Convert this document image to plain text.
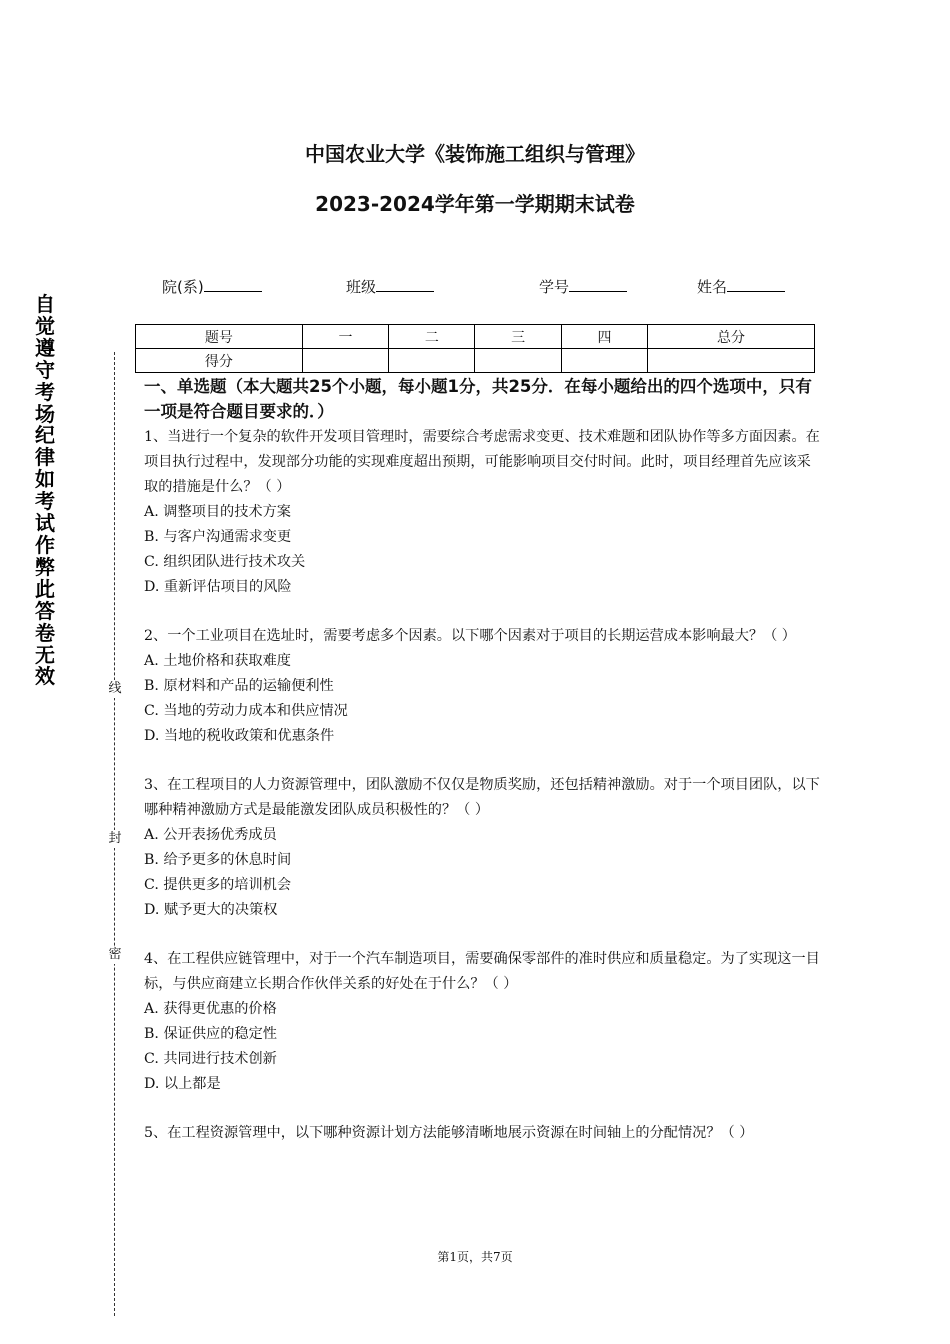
自觉遵守考场纪律如考试作弊此答卷无效
线
封
密
中国农业大学《装饰施工组织与管理》
2023-2024学年第一学期期末试卷
院(系)	班级	学号	姓名
题号	一	二	三	四	总分
得分					

一、单选题（本大题共25个小题，每小题1分，共25分．在每小题给出的四个选项中，只有一项是符合题目要求的．）

1、当进行一个复杂的软件开发项目管理时，需要综合考虑需求变更、技术难题和团队协作等多方面因素。在项目执行过程中，发现部分功能的实现难度超出预期，可能影响项目交付时间。此时，项目经理首先应该采取的措施是什么？（ ）

A. 调整项目的技术方案

B. 与客户沟通需求变更

C. 组织团队进行技术攻关

D. 重新评估项目的风险

2、一个工业项目在选址时，需要考虑多个因素。以下哪个因素对于项目的长期运营成本影响最大？（ ）

A. 土地价格和获取难度

B. 原材料和产品的运输便利性

C. 当地的劳动力成本和供应情况

D. 当地的税收政策和优惠条件

3、在工程项目的人力资源管理中，团队激励不仅仅是物质奖励，还包括精神激励。对于一个项目团队，以下哪种精神激励方式是最能激发团队成员积极性的？（ ）

A. 公开表扬优秀成员

B. 给予更多的休息时间

C. 提供更多的培训机会

D. 赋予更大的决策权

4、在工程供应链管理中，对于一个汽车制造项目，需要确保零部件的准时供应和质量稳定。为了实现这一目标，与供应商建立长期合作伙伴关系的好处在于什么？（ ）

A. 获得更优惠的价格

B. 保证供应的稳定性

C. 共同进行技术创新

D. 以上都是

5、在工程资源管理中，以下哪种资源计划方法能够清晰地展示资源在时间轴上的分配情况？（ ）

第1页，共7页
